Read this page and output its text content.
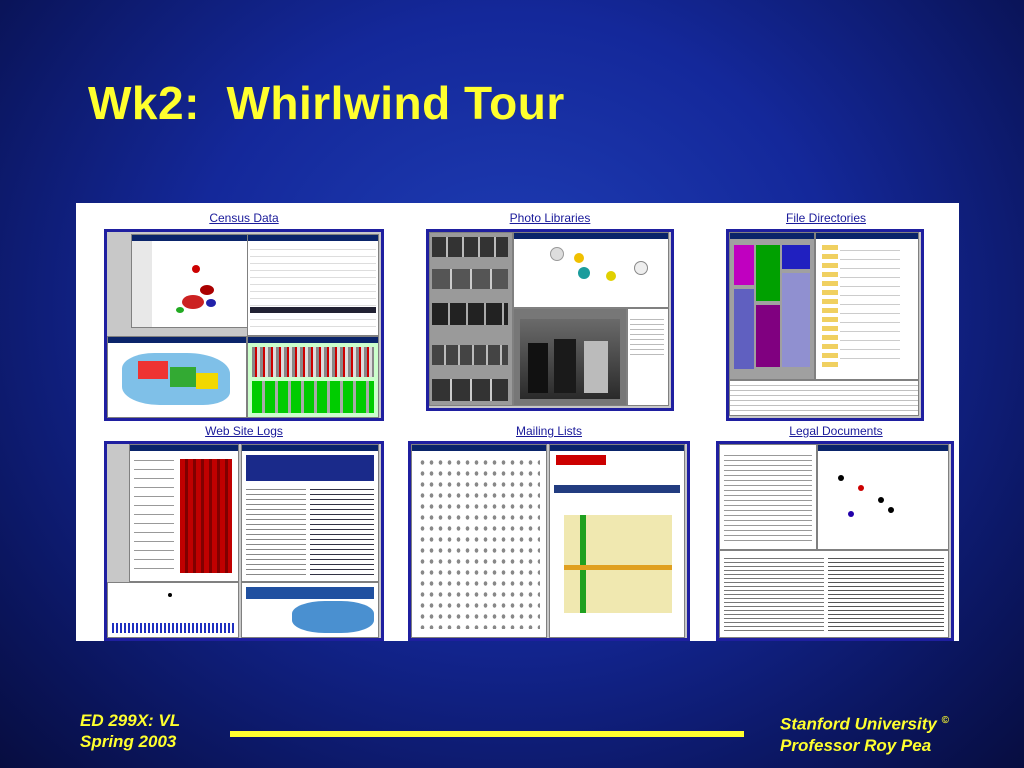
Wk2:  Whirlwind Tour
Census Data	Photo Libraries	File Directories
Web Site Logs	Mailing Lists	Legal Documents
ED 299X: VL
Spring 2003
Stanford University ©
Professor Roy Pea
